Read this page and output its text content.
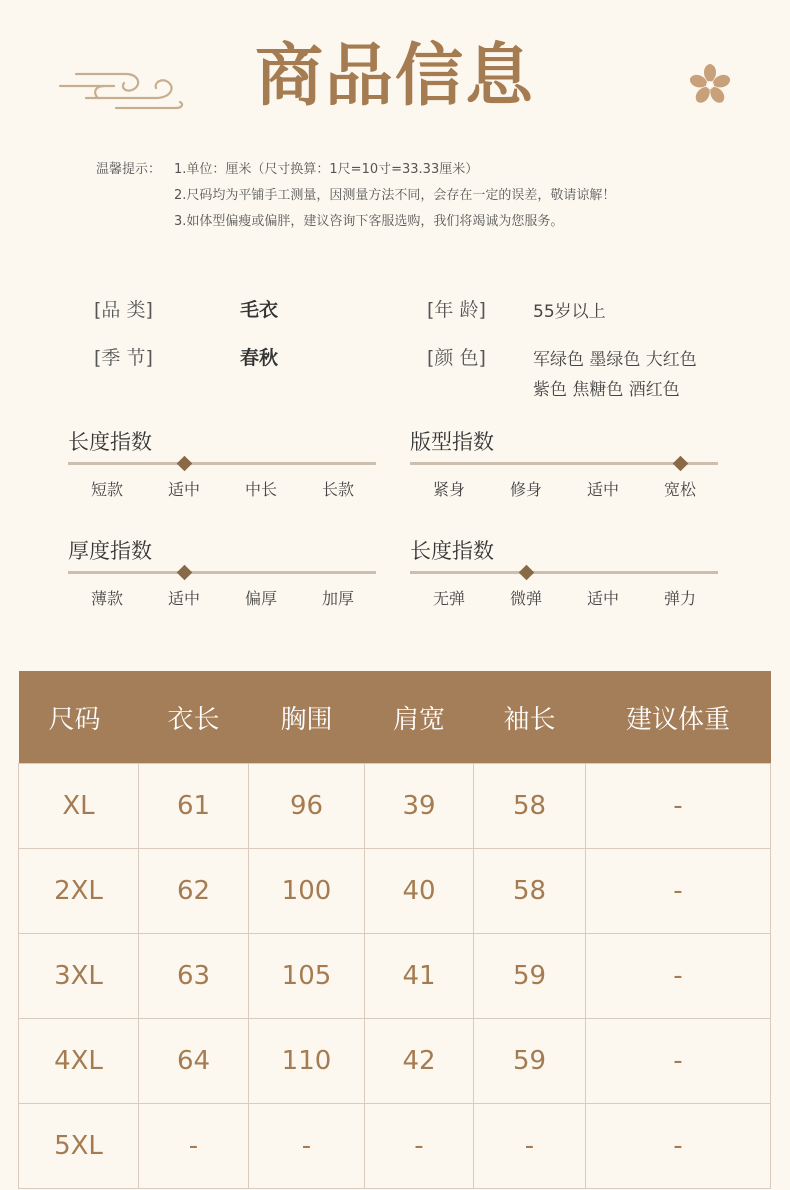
商品信息
温馨提示： 1.单位：厘米（尺寸换算：1尺=10寸=33.33厘米）
2.尺码均为平铺手工测量，因测量方法不同，会存在一定的误差，敬请谅解！
3.如体型偏瘦或偏胖，建议咨询下客服选购，我们将竭诚为您服务。
[品 类]	毛衣	[年 龄]	55岁以上
[季 节]	春秋	[颜 色]	军绿色 墨绿色 大红色
紫色 焦糖色 酒红色
长度指数
短款	适中	中长	长款
版型指数
紧身	修身	适中	宽松
厚度指数
薄款	适中	偏厚	加厚
长度指数
无弹	微弹	适中	弹力
尺码	衣长	胸围	肩宽	袖长	建议体重
XL	61	96	39	58	-
2XL	62	100	40	58	-
3XL	63	105	41	59	-
4XL	64	110	42	59	-
5XL	-	-	-	-	-
